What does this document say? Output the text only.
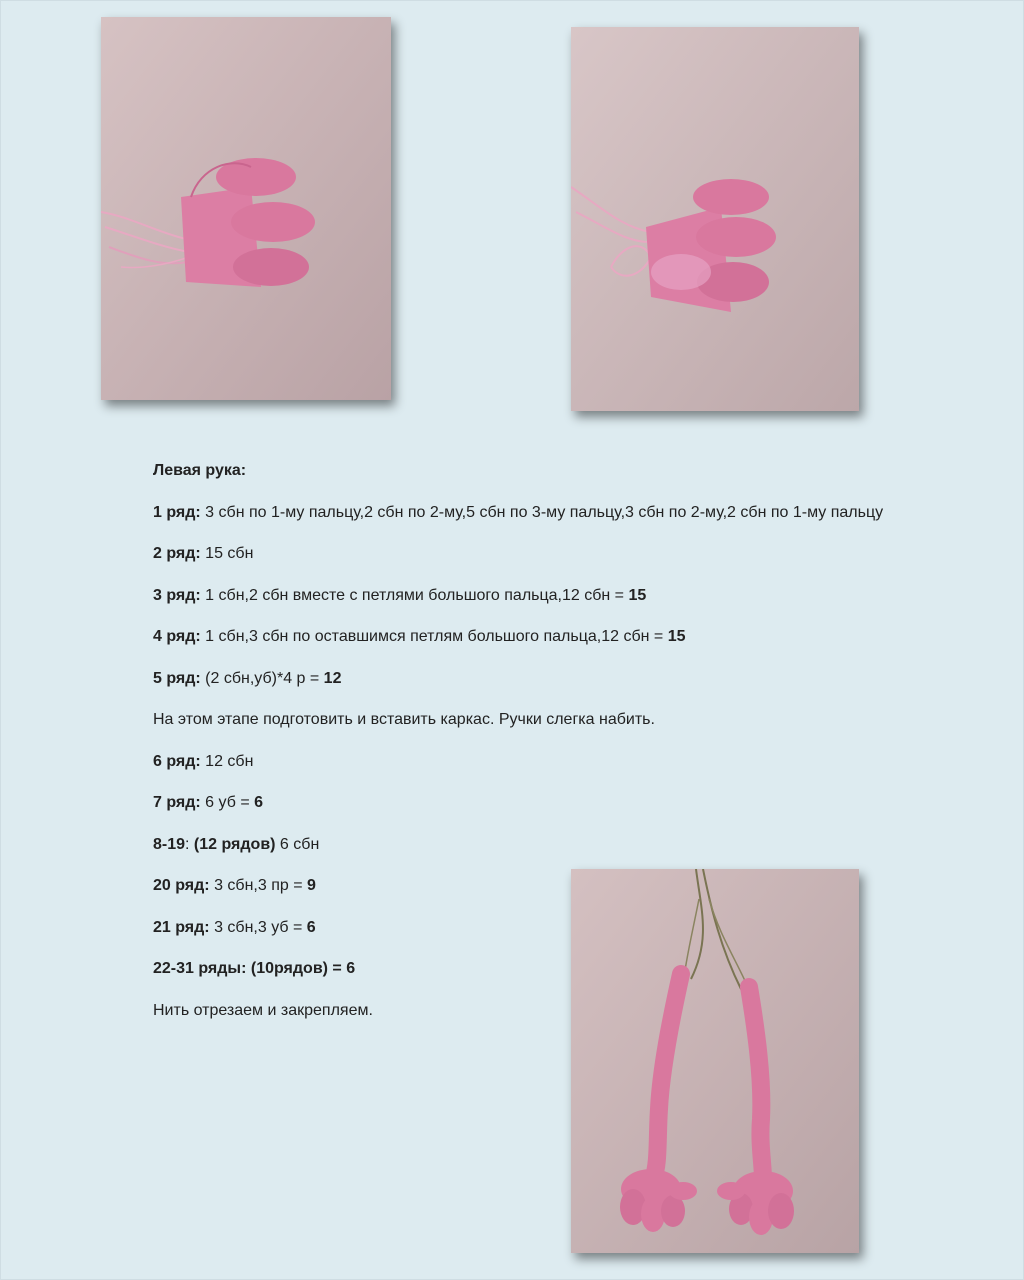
Левая рука:

1 ряд: 3 сбн по 1-му пальцу,2 сбн по 2-му,5 сбн по 3-му пальцу,3 сбн по 2-му,2 сбн по 1-му пальцу

2 ряд: 15 сбн

3 ряд: 1 сбн,2 сбн вместе с петлями большого пальца,12 сбн = 15

4 ряд: 1 сбн,3 сбн по оставшимся петлям большого пальца,12 сбн = 15

5 ряд: (2 сбн,уб)*4 р = 12

На этом этапе подготовить и вставить каркас. Ручки слегка набить.

6 ряд: 12 сбн

7 ряд: 6 уб = 6

8-19: (12 рядов) 6 сбн

20 ряд: 3 сбн,3 пр = 9

21 ряд: 3 сбн,3 уб = 6

22-31 ряды: (10рядов) = 6

Нить отрезаем и закрепляем.
